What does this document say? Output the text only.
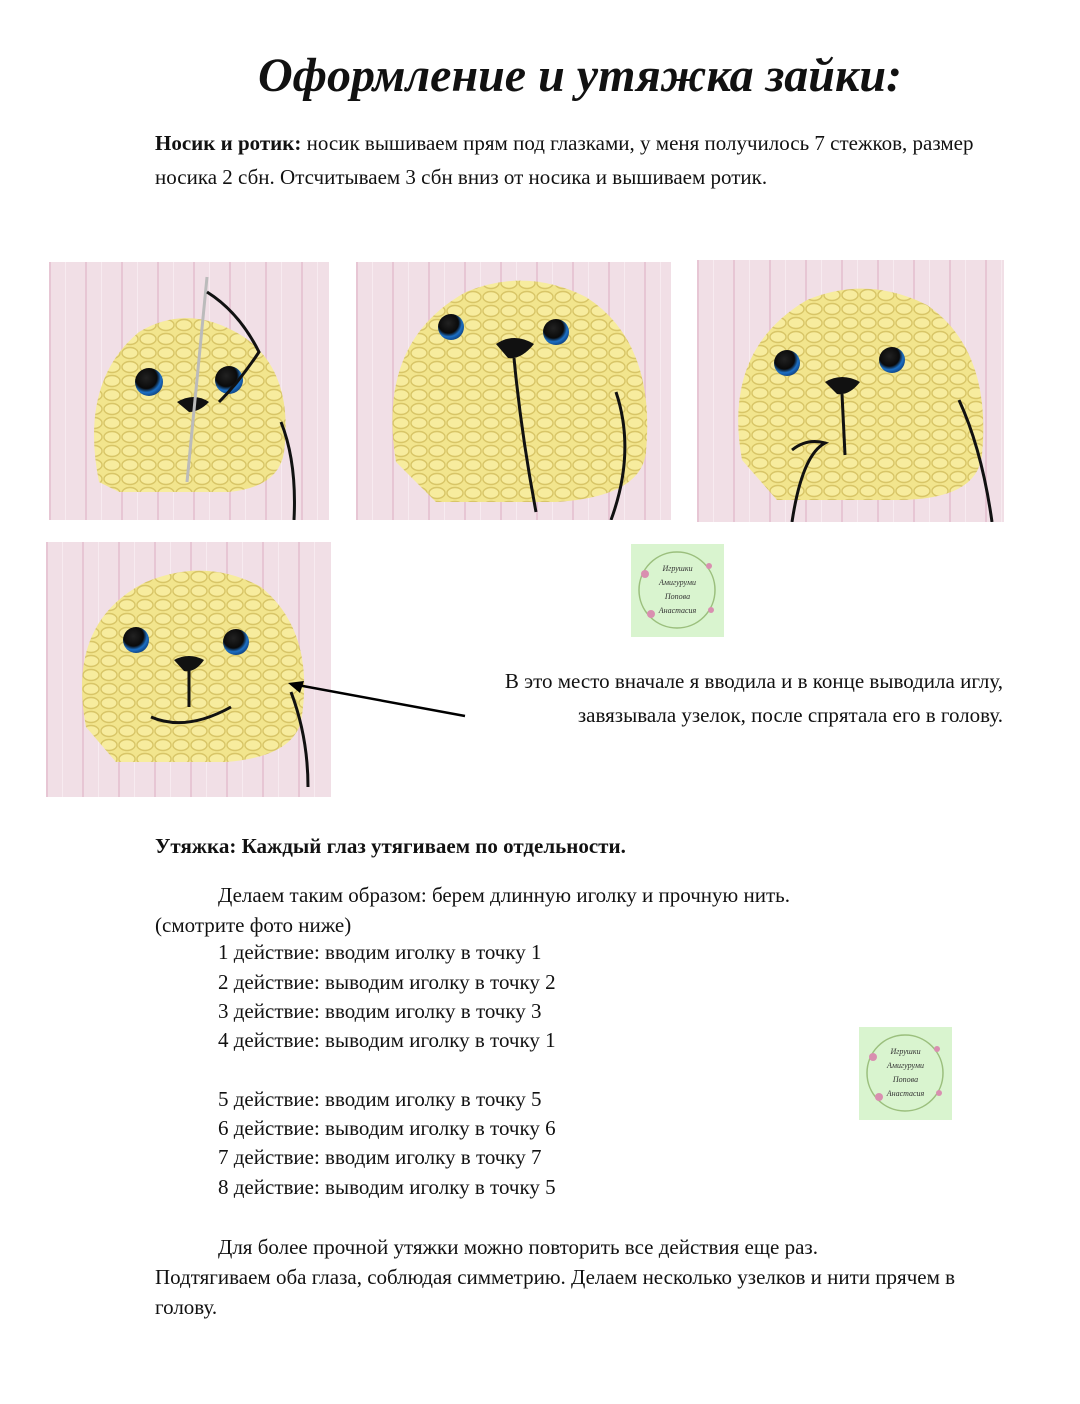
Оформление и утяжка зайки:
Носик и ротик: носик вышиваем прям под глазками, у меня получилось 7 стежков, размер носика 2 сбн. Отсчитываем 3 сбн вниз от носика и вышиваем ротик.
Игрушки
Амигуруми
Попова
Анастасия
В это место вначале я вводила и в конце выводила иглу,
завязывала узелок, после спрятала его в голову.
Утяжка: Каждый глаз утягиваем по отдельности.
Делаем таким образом: берем длинную иголку и прочную нить.
(смотрите фото ниже)
1 действие: вводим иголку в точку 1
2 действие: выводим иголку в точку 2
3 действие: вводим иголку в точку 3
4 действие: выводим иголку в точку 1
5 действие: вводим иголку в точку 5
6 действие: выводим иголку в точку 6
7 действие: вводим иголку в точку 7
8 действие: выводим иголку в точку 5
Игрушки
Амигуруми
Попова
Анастасия
Для более прочной утяжки можно повторить все действия еще раз.
Подтягиваем оба глаза, соблюдая симметрию. Делаем несколько узелков и нити прячем в голову.
